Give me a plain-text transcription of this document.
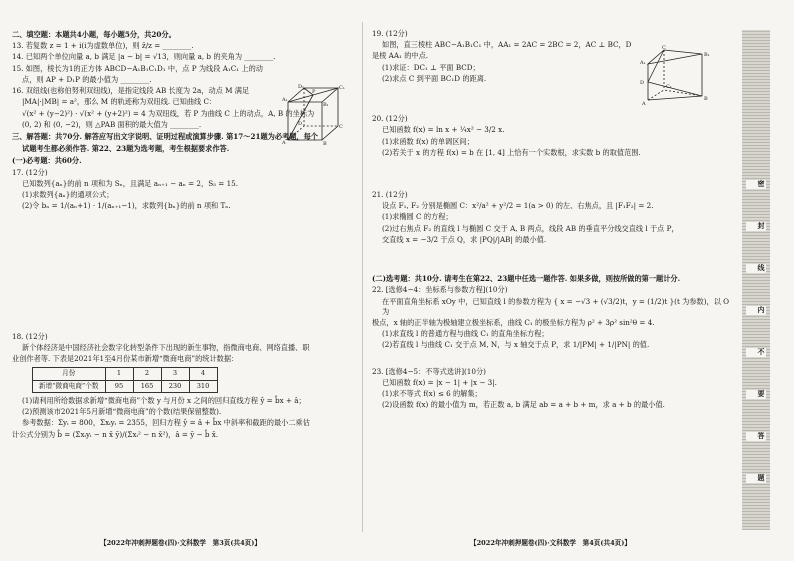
二、填空题：本题共4小题，每小题5分，共20分。
13. 若复数 z = 1 + i(i为虚数单位)，则 z̄/z = ________.
14. 已知两个单位向量 a, b 满足 |a − b| = √13，则向量 a, b 的夹角为 ________.
15. 如图，棱长为1的正方体 ABCD−A₁B₁C₁D₁ 中，点 P 为线段 A₁C₁ 上的动
点，则 AP + D₁P 的最小值为 ________.
16. 双纽线(也称伯努利双纽线)，是指定线段 AB 长度为 2a，动点 M 满足
|MA|·|MB| = a²，那么 M 的轨迹称为双纽线. 已知曲线 C：
√(x² + (y−2)²) · √(x² + (y+2)²) = 4 为双纽线，若 P 为曲线 C 上的动点，A, B 的坐标为
(0, 2) 和 (0, −2)，则 △PAB 面积的最大值为 ________.
三、解答题：共70分. 解答应写出文字说明、证明过程或演算步骤. 第17～21题为必考题，每个
试题考生都必须作答. 第22、23题为选考题，考生根据要求作答.
(一)必考题：共60分.
17. (12分)
已知数列{aₙ}的前 n 项和为 Sₙ，且满足 aₙ₊₁ − aₙ = 2，S₅ = 15.
(1)求数列{aₙ}的通项公式；
(2)令 bₙ = 1/(aₙ+1) · 1/(aₙ₊₁−1)，求数列{bₙ}的前 n 项和 Tₙ.
18. (12分)
新个体经济是中国经济社会数字化转型条件下出现的新生事物，指微商电商、网络直播、职
业创作者等. 下表是2021年1至4月份某市新增“微商电商”的统计数据：
月份	1	2	3	4
新增“微商电商”个数	95	165	230	310
(1)请利用所给数据求新增“微商电商”个数 y 与月份 x 之间的回归直线方程 ŷ = b̂x + â；
(2)预测该市2021年5月新增“微商电商”的个数(结果保留整数).
参考数据：Σyᵢ = 800，Σxᵢyᵢ = 2355，回归方程 ŷ = â + b̂x 中斜率和截距的最小二乘估
计公式分别为 b̂ = (Σxᵢyᵢ − n x̄ ȳ)/(Σxᵢ² − n x̄²)，â = ȳ − b̂ x̄.
D₁	C₁
A₁
B₁
P
D	C
A	B
19. (12分)
如图，直三棱柱 ABC−A₁B₁C₁ 中，AA₁ = 2AC = 2BC = 2，AC ⊥ BC，D
是棱 AA₁ 的中点.
(1)求证：DC₁ ⊥ 平面 BCD；
(2)求点 C 到平面 BC₁D 的距离.
20. (12分)
已知函数 f(x) = ln x + ¼x² − 3/2 x.
(1)求函数 f(x) 的单调区间；
(2)若关于 x 的方程 f(x) = b 在 [1, 4] 上恰有一个实数根，求实数 b 的取值范围.
21. (12分)
设点 F₁, F₂ 分别是椭圆 C：x²/a² + y²/2 = 1(a > 0) 的左、右焦点，且 |F₁F₂| = 2.
(1)求椭圆 C 的方程；
(2)过右焦点 F₂ 的直线 l 与椭圆 C 交于 A, B 两点，线段 AB 的垂直平分线交直线 l 于点 P，
交直线 x = −3/2 于点 Q，求 |PQ|/|AB| 的最小值.
(二)选考题：共10分. 请考生在第22、23题中任选一题作答. 如果多做，则按所做的第一题计分.
22. [选修4−4：坐标系与参数方程](10分)
在平面直角坐标系 xOy 中，已知直线 l 的参数方程为 { x = −√3 + (√3/2)t，y = (1/2)t }(t 为参数)，以 O 为
极点，x 轴的正半轴为极轴建立极坐标系，曲线 C₁ 的极坐标方程为 ρ² + 3ρ² sin²θ = 4.
(1)求直线 l 的普通方程与曲线 C₁ 的直角坐标方程；
(2)若直线 l 与曲线 C₁ 交于点 M, N，与 x 轴交于点 P，求 1/|PM| + 1/|PN| 的值.
23. [选修4−5：不等式选讲](10分)
已知函数 f(x) = |x − 1| + |x − 3|.
(1)求不等式 f(x) ≤ 6 的解集；
(2)设函数 f(x) 的最小值为 m，若正数 a, b 满足 ab = a + b + m，求 a + b 的最小值.
C
B₁
A₁
D
C₁
A
B
密
封
线
内
不
要
答
题
【2022年冲刺押题卷(四)·文科数学　第3页(共4页)】	【2022年冲刺押题卷(四)·文科数学　第4页(共4页)】
